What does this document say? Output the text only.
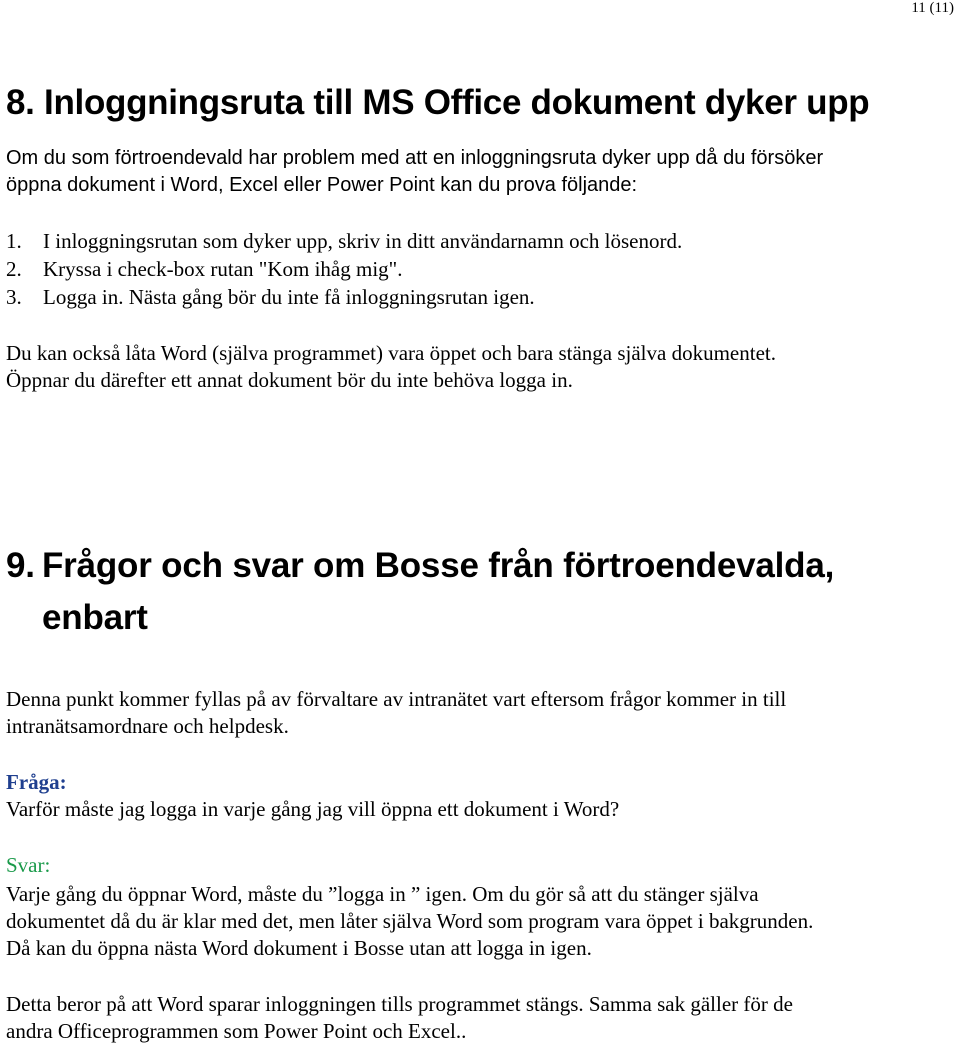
11 (11)
8. Inloggningsruta till MS Office dokument dyker upp
Om du som förtroendevald har problem med att en inloggningsruta dyker upp då du försöker
öppna dokument i Word, Excel eller Power Point kan du prova följande:
1. I inloggningsrutan som dyker upp, skriv in ditt användarnamn och lösenord.
2. Kryssa i check-box rutan "Kom ihåg mig".
3. Logga in. Nästa gång bör du inte få inloggningsrutan igen.
Du kan också låta Word (själva programmet) vara öppet och bara stänga själva dokumentet.
Öppnar du därefter ett annat dokument bör du inte behöva logga in.
9. Frågor och svar om Bosse från förtroendevalda,
enbart
Denna punkt kommer fyllas på av förvaltare av intranätet vart eftersom frågor kommer in till
intranätsamordnare och helpdesk.
Fråga:
Varför måste jag logga in varje gång jag vill öppna ett dokument i Word?
Svar:
Varje gång du öppnar Word, måste du ”logga in ” igen. Om du gör så att du stänger själva
dokumentet då du är klar med det, men låter själva Word som program vara öppet i bakgrunden.
Då kan du öppna nästa Word dokument i Bosse utan att logga in igen.
Detta beror på att Word sparar inloggningen tills programmet stängs. Samma sak gäller för de
andra Officeprogrammen som Power Point och Excel..
